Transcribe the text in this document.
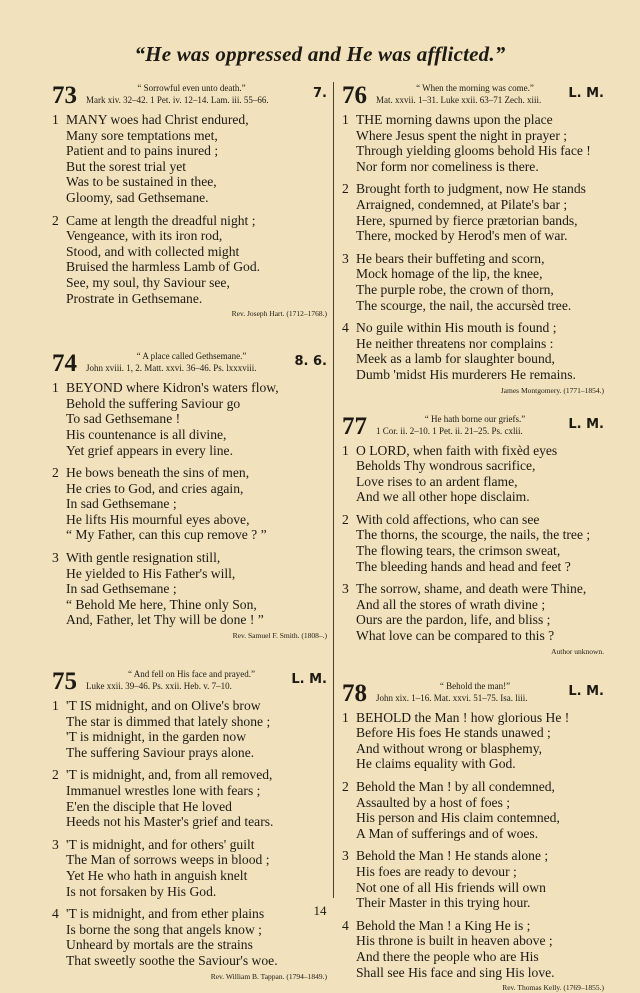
“He was oppressed and He was afflicted.”
73	“ Sorrowful even unto death.”
Mark xiv. 32–42. 1 Pet. iv. 12–14. Lam. iii. 55–66.	7.
1 MANY woes had Christ endured,
Many sore temptations met,
Patient and to pains inured ;
But the sorest trial yet
Was to be sustained in thee,
Gloomy, sad Gethsemane.
2 Came at length the dreadful night ;
Vengeance, with its iron rod,
Stood, and with collected might
Bruised the harmless Lamb of God.
See, my soul, thy Saviour see,
Prostrate in Gethsemane.
Rev. Joseph Hart. (1712–1768.)
74	“ A place called Gethsemane.”
John xviii. 1, 2. Matt. xxvi. 36–46. Ps. lxxxviii.	8. 6.
1 BEYOND where Kidron's waters flow,
Behold the suffering Saviour go
To sad Gethsemane !
His countenance is all divine,
Yet grief appears in every line.
2 He bows beneath the sins of men,
He cries to God, and cries again,
In sad Gethsemane ;
He lifts His mournful eyes above,
“ My Father, can this cup remove ? ”
3 With gentle resignation still,
He yielded to His Father's will,
In sad Gethsemane ;
“ Behold Me here, Thine only Son,
And, Father, let Thy will be done ! ”
Rev. Samuel F. Smith. (1808–.)
75	“ And fell on His face and prayed.”
Luke xxii. 39–46. Ps. xxii. Heb. v. 7–10.	L. M.
1 'T IS midnight, and on Olive's brow
The star is dimmed that lately shone ;
'T is midnight, in the garden now
The suffering Saviour prays alone.
2 'T is midnight, and, from all removed,
Immanuel wrestles lone with fears ;
E'en the disciple that He loved
Heeds not his Master's grief and tears.
3 'T is midnight, and for others' guilt
The Man of sorrows weeps in blood ;
Yet He who hath in anguish knelt
Is not forsaken by His God.
4 'T is midnight, and from ether plains
Is borne the song that angels know ;
Unheard by mortals are the strains
That sweetly soothe the Saviour's woe.
Rev. William B. Tappan. (1794–1849.)
76	“ When the morning was come.”
Mat. xxvii. 1–31. Luke xxii. 63–71 Zech. xiii.	L. M.
1 THE morning dawns upon the place
Where Jesus spent the night in prayer ;
Through yielding glooms behold His face !
Nor form nor comeliness is there.
2 Brought forth to judgment, now He stands
Arraigned, condemned, at Pilate's bar ;
Here, spurned by fierce prætorian bands,
There, mocked by Herod's men of war.
3 He bears their buffeting and scorn,
Mock homage of the lip, the knee,
The purple robe, the crown of thorn,
The scourge, the nail, the accursèd tree.
4 No guile within His mouth is found ;
He neither threatens nor complains :
Meek as a lamb for slaughter bound,
Dumb 'midst His murderers He remains.
James Montgomery. (1771–1854.)
77	“ He hath borne our griefs.”
1 Cor. ii. 2–10. 1 Pet. ii. 21–25. Ps. cxlii.	L. M.
1 O LORD, when faith with fixèd eyes
Beholds Thy wondrous sacrifice,
Love rises to an ardent flame,
And we all other hope disclaim.
2 With cold affections, who can see
The thorns, the scourge, the nails, the tree ;
The flowing tears, the crimson sweat,
The bleeding hands and head and feet ?
3 The sorrow, shame, and death were Thine,
And all the stores of wrath divine ;
Ours are the pardon, life, and bliss ;
What love can be compared to this ?
Author unknown.
78	“ Behold the man!”
John xix. 1–16. Mat. xxvi. 51–75. Isa. liii.	L. M.
1 BEHOLD the Man ! how glorious He !
Before His foes He stands unawed ;
And without wrong or blasphemy,
He claims equality with God.
2 Behold the Man ! by all condemned,
Assaulted by a host of foes ;
His person and His claim contemned,
A Man of sufferings and of woes.
3 Behold the Man ! He stands alone ;
His foes are ready to devour ;
Not one of all His friends will own
Their Master in this trying hour.
4 Behold the Man ! a King He is ;
His throne is built in heaven above ;
And there the people who are His
Shall see His face and sing His love.
Rev. Thomas Kelly. (1769–1855.)
14
